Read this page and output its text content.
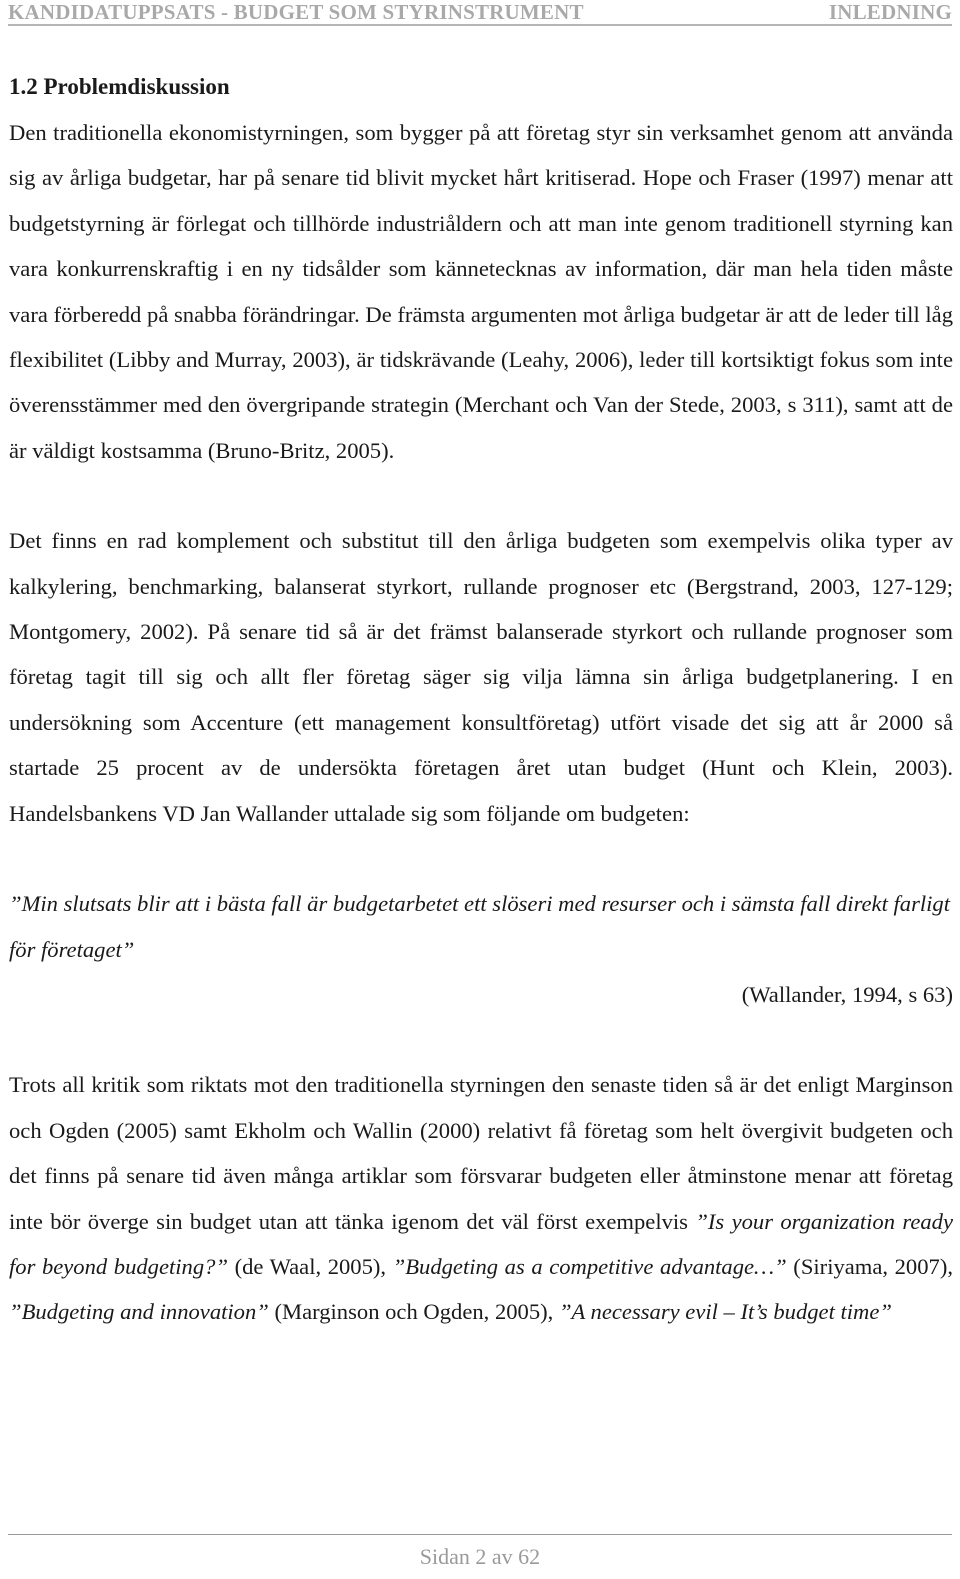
KANDIDATUPPSATS - BUDGET SOM STYRINSTRUMENT	INLEDNING
1.2 Problemdiskussion

Den traditionella ekonomistyrningen, som bygger på att företag styr sin verksamhet genom att använda sig av årliga budgetar, har på senare tid blivit mycket hårt kritiserad. Hope och Fraser (1997) menar att budgetstyrning är förlegat och tillhörde industriåldern och att man inte genom traditionell styrning kan vara konkurrenskraftig i en ny tidsålder som kännetecknas av information, där man hela tiden måste vara förberedd på snabba förändringar. De främsta argumenten mot årliga budgetar är att de leder till låg flexibilitet (Libby and Murray, 2003), är tidskrävande (Leahy, 2006), leder till kortsiktigt fokus som inte överensstämmer med den övergripande strategin (Merchant och Van der Stede, 2003, s 311), samt att de är väldigt kostsamma (Bruno-Britz, 2005).

Det finns en rad komplement och substitut till den årliga budgeten som exempelvis olika typer av kalkylering, benchmarking, balanserat styrkort, rullande prognoser etc (Bergstrand, 2003, 127-129; Montgomery, 2002). På senare tid så är det främst balanserade styrkort och rullande prognoser som företag tagit till sig och allt fler företag säger sig vilja lämna sin årliga budgetplanering. I en undersökning som Accenture (ett management konsultföretag) utfört visade det sig att år 2000 så startade 25 procent av de undersökta företagen året utan budget (Hunt och Klein, 2003). Handelsbankens VD Jan Wallander uttalade sig som följande om budgeten:

”Min slutsats blir att i bästa fall är budgetarbetet ett slöseri med resurser och i sämsta fall direkt farligt för företaget”

(Wallander, 1994, s 63)

Trots all kritik som riktats mot den traditionella styrningen den senaste tiden så är det enligt Marginson och Ogden (2005) samt Ekholm och Wallin (2000) relativt få företag som helt övergivit budgeten och det finns på senare tid även många artiklar som försvarar budgeten eller åtminstone menar att företag inte bör överge sin budget utan att tänka igenom det väl först exempelvis ”Is your organization ready for beyond budgeting?” (de Waal, 2005), ”Budgeting as a competitive advantage…” (Siriyama, 2007), ”Budgeting and innovation” (Marginson och Ogden, 2005), ”A necessary evil – It’s budget time”

Sidan 2 av 62
